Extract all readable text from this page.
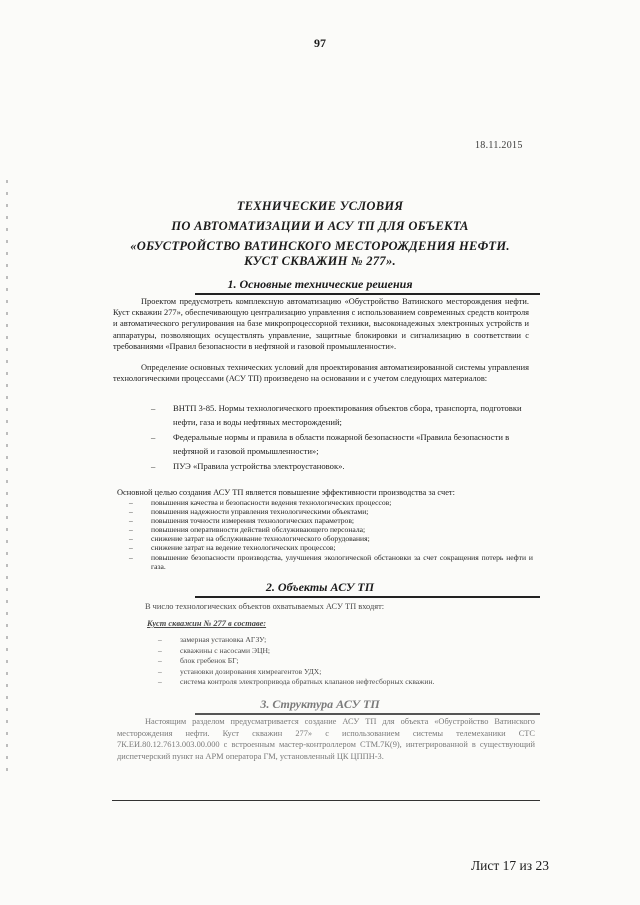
97
18.11.2015
ТЕХНИЧЕСКИЕ УСЛОВИЯ
ПО АВТОМАТИЗАЦИИ И АСУ ТП ДЛЯ ОБЪЕКТА
«ОБУСТРОЙСТВО ВАТИНСКОГО МЕСТОРОЖДЕНИЯ НЕФТИ.
КУСТ СКВАЖИН № 277».
1. Основные технические решения
Проектом предусмотреть комплексную автоматизацию «Обустройство Ватинского месторождения нефти. Куст скважин 277», обеспечивающую централизацию управления с использованием современных средств контроля и автоматического регулирования на базе микропроцессорной техники, высоконадежных электронных устройств и аппаратуры, позволяющих осуществлять управление, защитные блокировки и сигнализацию в соответствии с требованиями «Правил безопасности в нефтяной и газовой промышленности».
Определение основных технических условий для проектирования автоматизированной системы управления технологическими процессами (АСУ ТП) произведено на основании и с учетом следующих материалов:
– ВНТП 3-85. Нормы технологического проектирования объектов сбора, транспорта, подготовки нефти, газа и воды нефтяных месторождений;
– Федеральные нормы и правила в области пожарной безопасности «Правила безопасности в нефтяной и газовой промышленности»;
– ПУЭ «Правила устройства электроустановок».
Основной целью создания АСУ ТП является повышение эффективности производства за счет:
– повышения качества и безопасности ведения технологических процессов;
– повышения надежности управления технологическими объектами;
– повышения точности измерения технологических параметров;
– повышения оперативности действий обслуживающего персонала;
– снижение затрат на обслуживание технологического оборудования;
– снижение затрат на ведение технологических процессов;
– повышение безопасности производства, улучшения экологической обстановки за счет сокращения потерь нефти и газа.
2. Объекты АСУ ТП
В число технологических объектов охватываемых АСУ ТП входят:
Куст скважин № 277 в составе:
– замерная установка АГЗУ;
– скважины с насосами ЭЦН;
– блок гребенок БГ;
– установки дозирования химреагентов УДХ;
– система контроля электропривода обратных клапанов нефтесборных скважин.
3. Структура АСУ ТП
Настоящим разделом предусматривается создание АСУ ТП для объекта «Обустройство Ватинского месторождения нефти. Куст скважин 277» с использованием системы телемеханики СТС 7К.ЕИ.80.12.7613.003.00.000 с встроенным мастер-контроллером СТМ.7К(9), интегрированной в существующий диспетчерский пункт на АРМ оператора ГМ, установленный ЦК ЦППН-3.
Лист 17 из 23
